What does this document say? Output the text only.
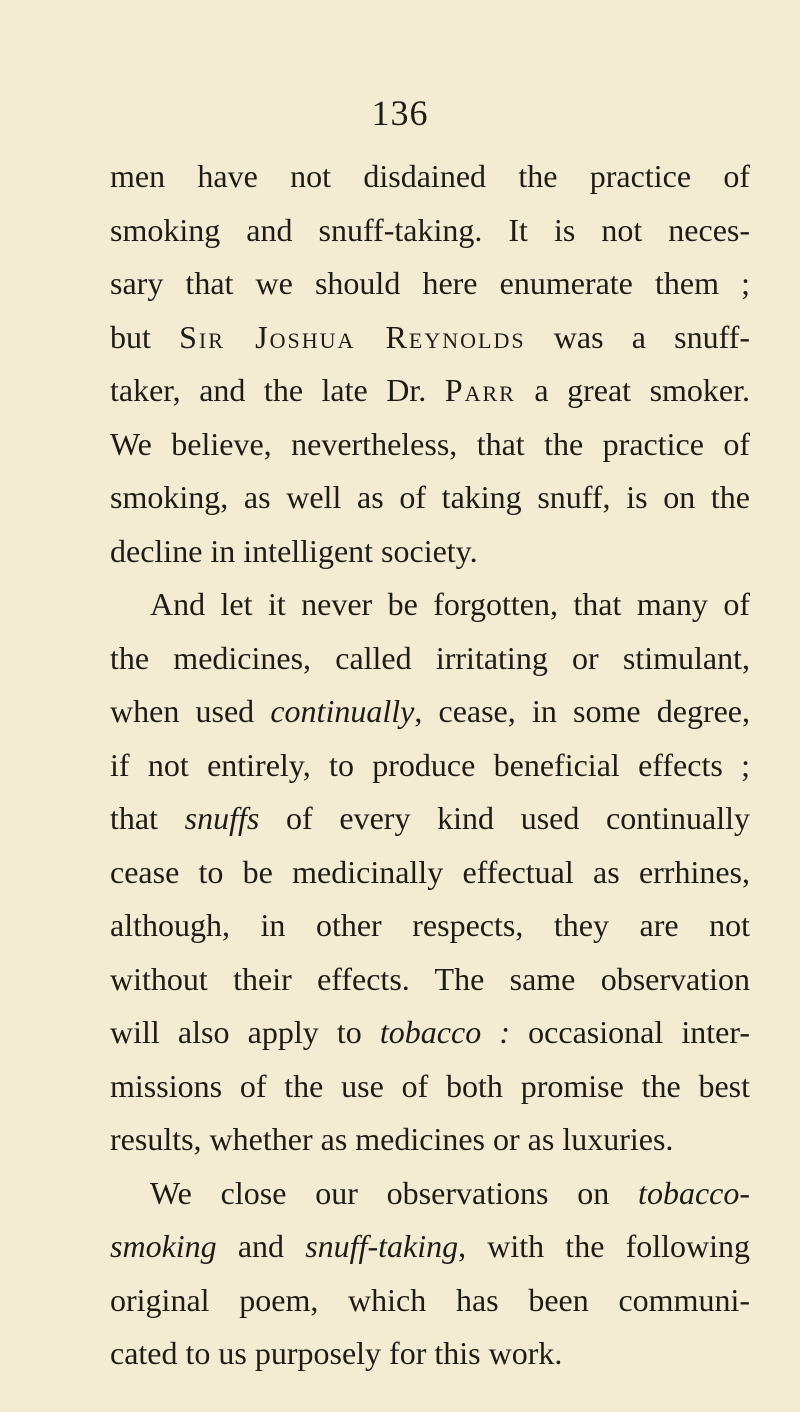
136
men have not disdained the practice of
smoking and snuff-taking. It is not neces-
sary that we should here enumerate them ;
but Sir Joshua Reynolds was a snuff-
taker, and the late Dr. Parr a great smoker.
We believe, nevertheless, that the practice of
smoking, as well as of taking snuff, is on the
decline in intelligent society.
And let it never be forgotten, that many of
the medicines, called irritating or stimulant,
when used continually, cease, in some degree,
if not entirely, to produce beneficial effects ;
that snuffs of every kind used continually
cease to be medicinally effectual as errhines,
although, in other respects, they are not
without their effects. The same observation
will also apply to tobacco : occasional inter-
missions of the use of both promise the best
results, whether as medicines or as luxuries.
We close our observations on tobacco-
smoking and snuff-taking, with the following
original poem, which has been communi-
cated to us purposely for this work.
